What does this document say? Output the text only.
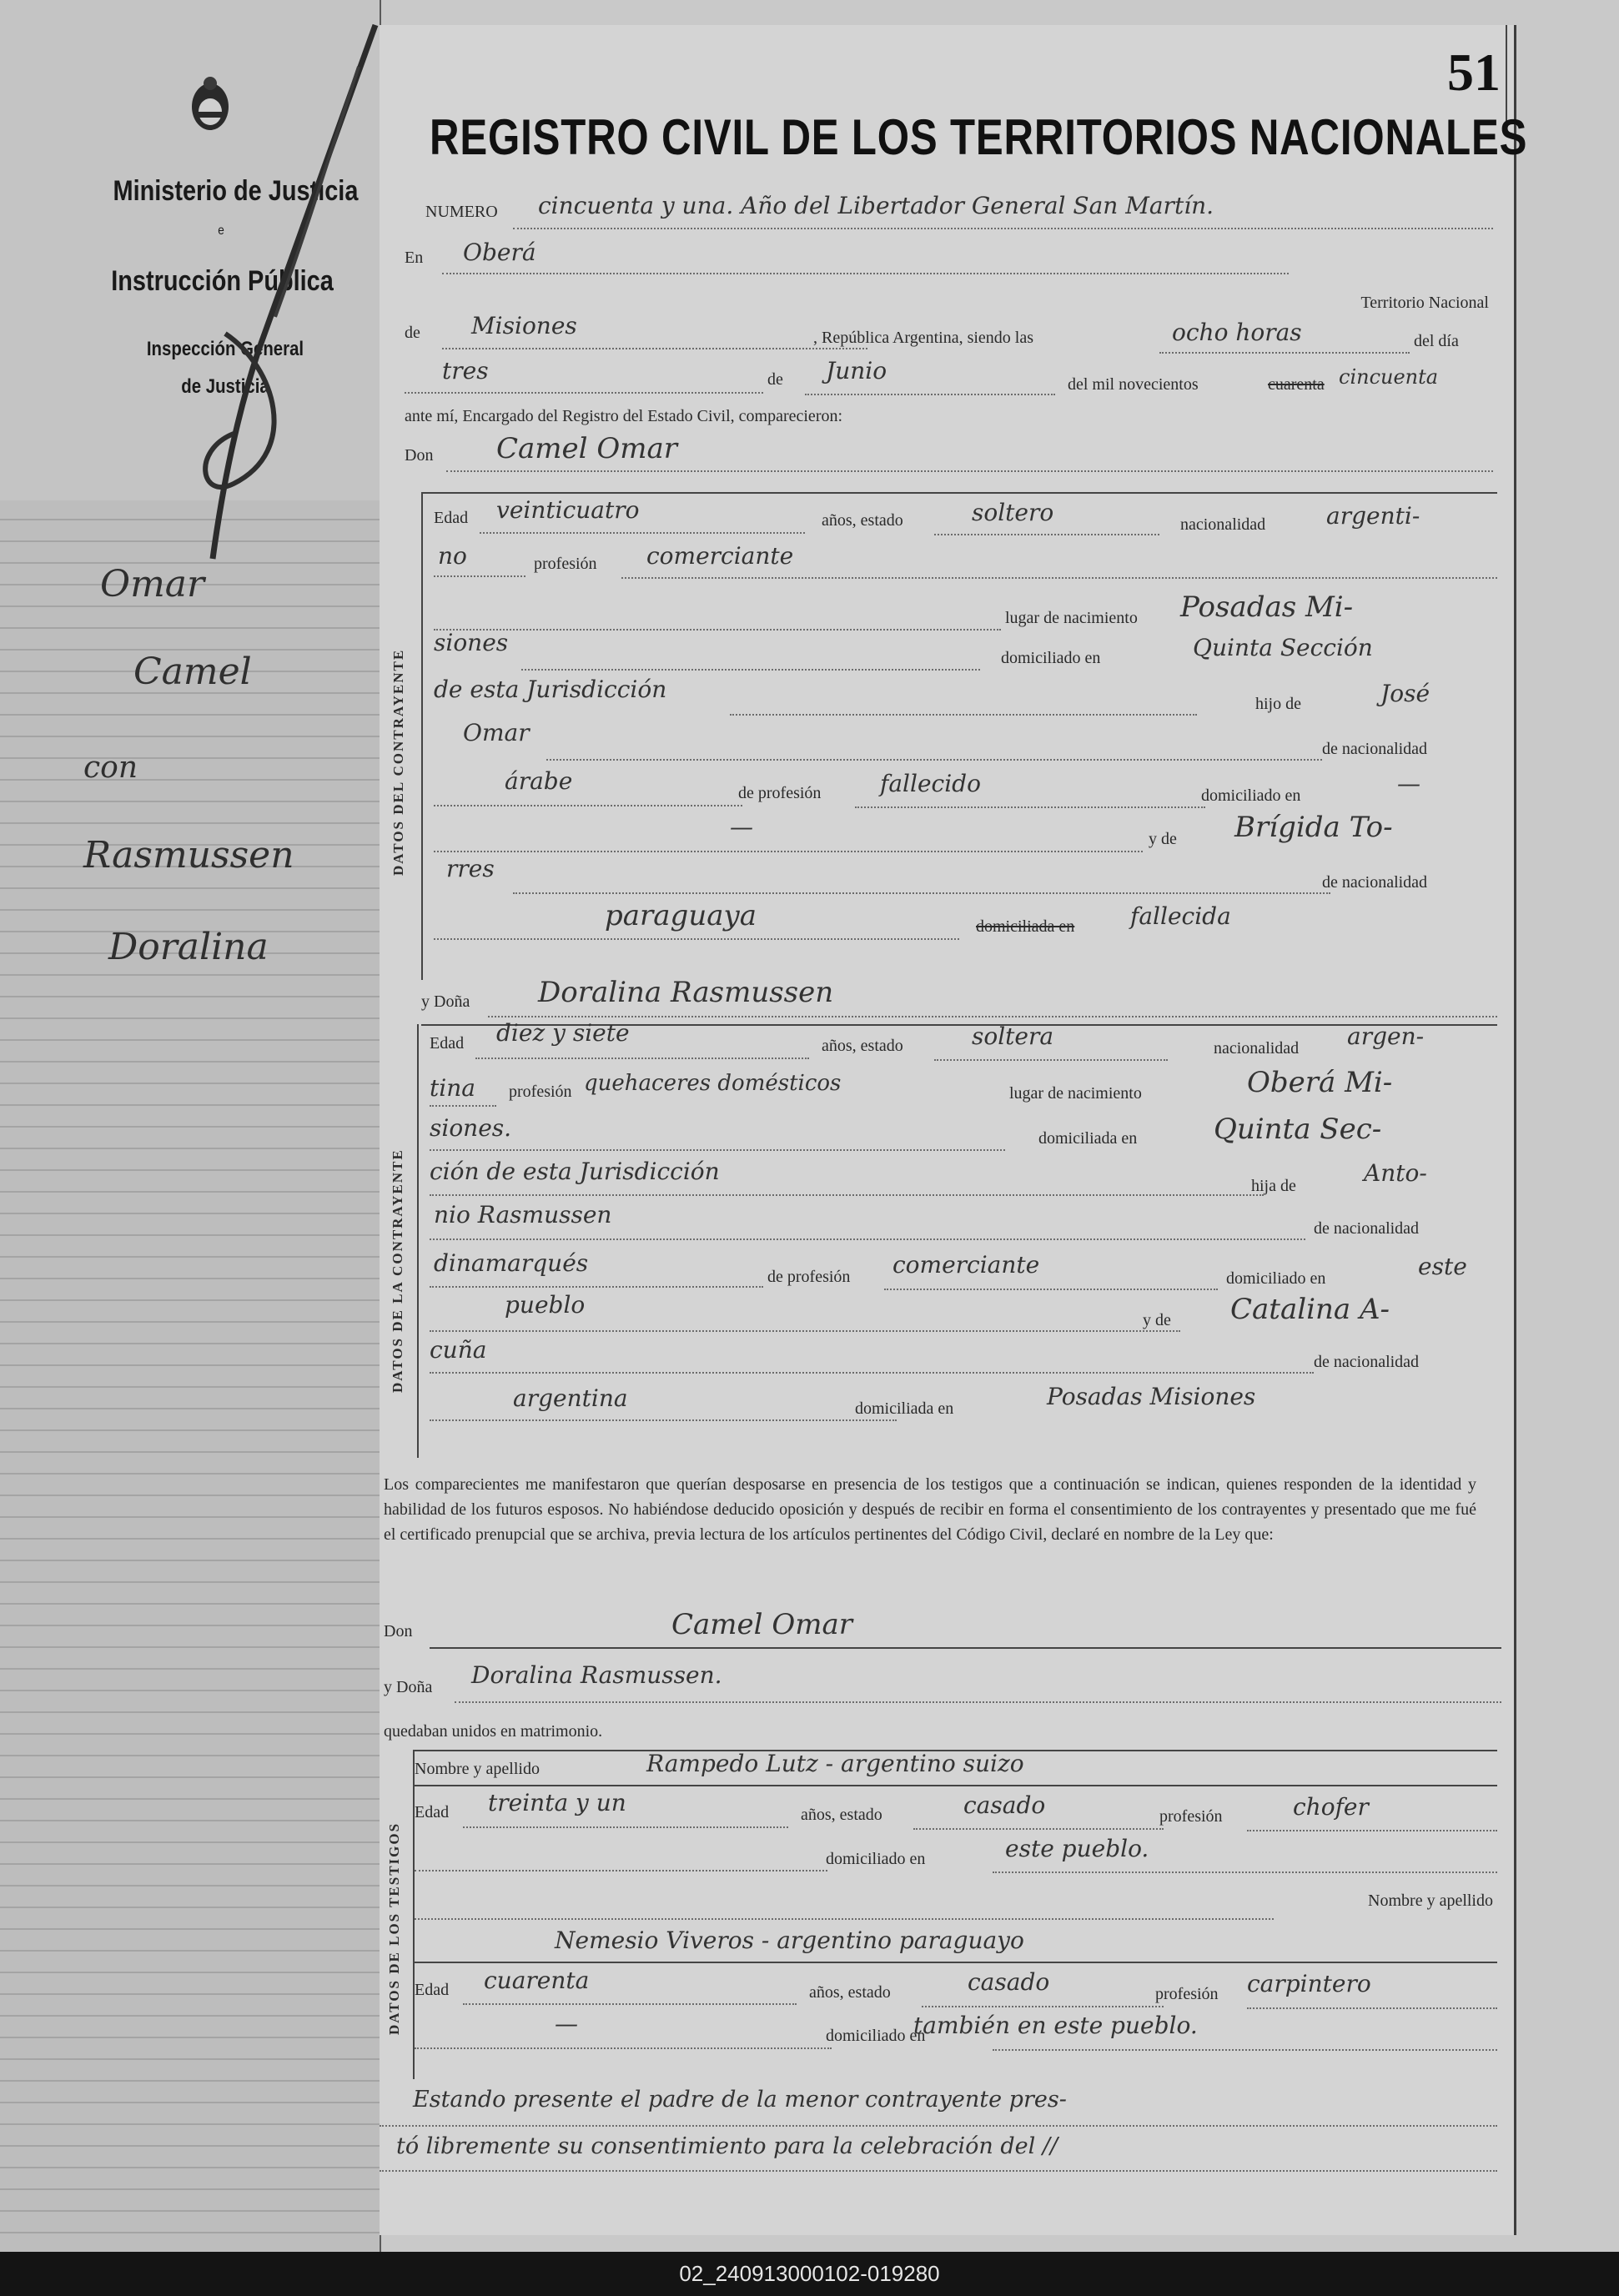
Ministerio de Justicia
e
Instrucción Pública
Inspección General
de Justicia
Omar
Camel
con
Rasmussen
Doralina
51
REGISTRO CIVIL DE LOS TERRITORIOS NACIONALES
NUMERO cincuenta y una. Año del Libertador General San Martín.
En Oberá
Territorio Nacional
de Misiones	, República Argentina, siendo las	ocho horas	del día
tres	de Junio	del mil novecientos	cuarenta cincuenta
ante mí, Encargado del Registro del Estado Civil, comparecieron:
Don Camel Omar
DATOS DEL CONTRAYENTE
Edad veinticuatro	años, estado	soltero	nacionalidad	argenti-
no	profesión comerciante
lugar de nacimiento Posadas Mi-
siones
domiciliado en	Quinta Sección
de esta Jurisdicción
hijo de	José
Omar
de nacionalidad
árabe	de profesión	fallecido	domiciliado en	—
—	y de Brígida To-
rres	de nacionalidad
paraguaya	domiciliada en fallecida
y Doña Doralina Rasmussen
DATOS DE LA CONTRAYENTE
Edad diez y siete	años, estado	soltera	nacionalidad argen-
tina profesión quehaceres domésticos	lugar de nacimiento	Oberá Mi-
siones.	domiciliada en	Quinta Sec-
ción de esta Jurisdicción
hija de	Anto-
nio Rasmussen	de nacionalidad
dinamarqués	de profesión comerciante	domiciliado en	este
pueblo
y de Catalina A-
cuña	de nacionalidad
argentina	domiciliada en	Posadas Misiones
Los comparecientes me manifestaron que querían desposarse en presencia de los testigos que a continuación se indican, quienes responden de la identidad y habilidad de los futuros esposos. No habiéndose deducido oposición y después de recibir en forma el consentimiento de los contrayentes y presentado que me fué el certificado prenupcial que se archiva, previa lectura de los artículos pertinentes del Código Civil, declaré en nombre de la Ley que:
Don	Camel Omar
y Doña Doralina Rasmussen.
quedaban unidos en matrimonio.
DATOS DE LOS TESTIGOS
Nombre y apellido	Rampedo Lutz - argentino suizo
Edad treinta y un	años, estado	casado	profesión	chofer
domiciliado en	este pueblo.
Nombre y apellido
Nemesio Viveros - argentino paraguayo
Edad cuarenta	años, estado	casado	profesión carpintero
—	domiciliado en
también en este pueblo.
Estando presente el padre de la menor contrayente pres-
tó libremente su consentimiento para la celebración del //
02_240913000102-019280
